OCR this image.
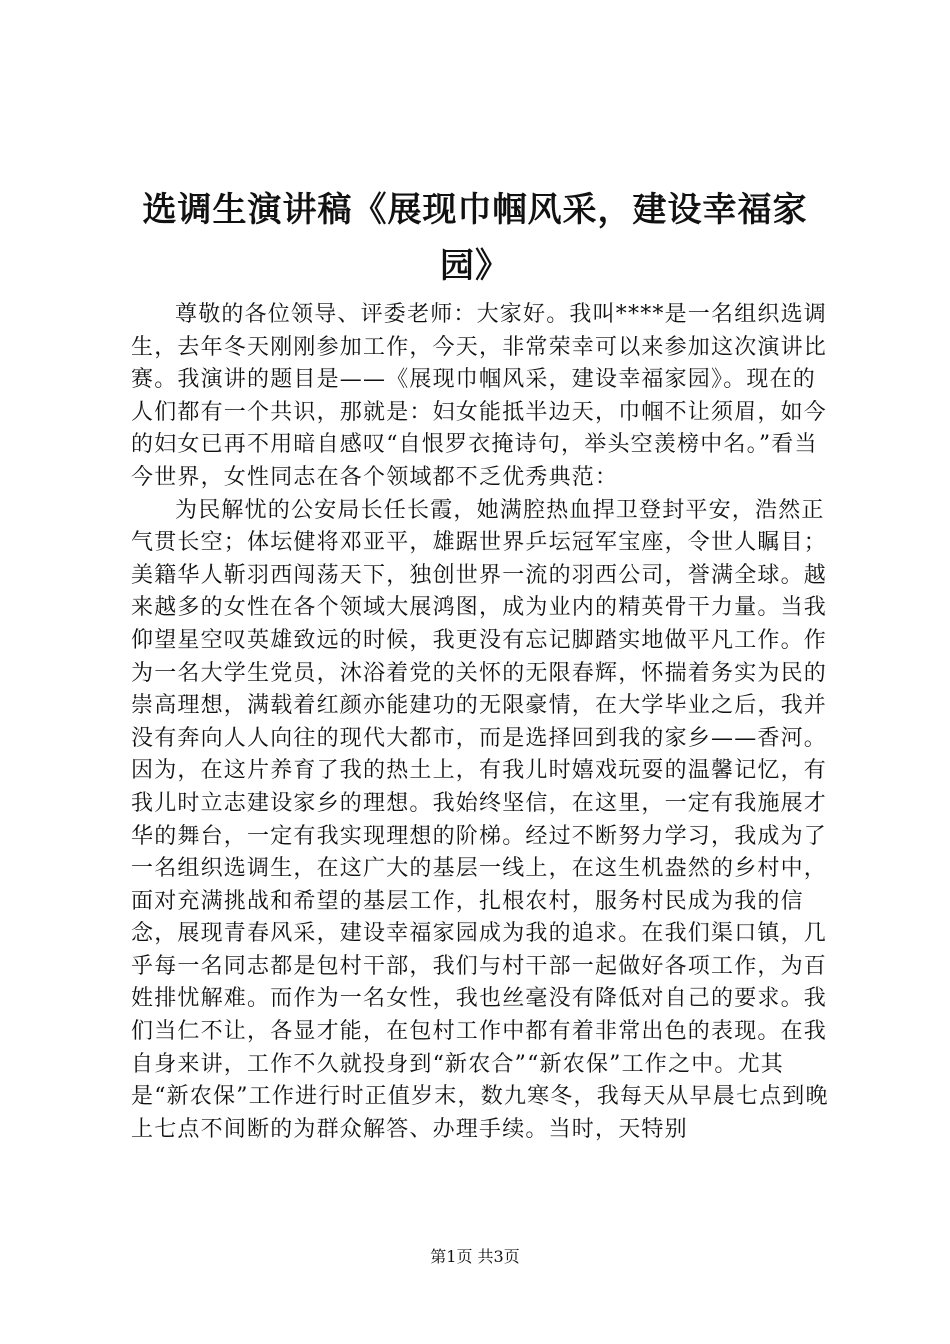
选调生演讲稿《展现巾帼风采，建设幸福家
园》

尊敬的各位领导、评委老师：大家好。我叫****是一名组织选调生，去年冬天刚刚参加工作，今天，非常荣幸可以来参加这次演讲比赛。我演讲的题目是——《展现巾帼风采，建设幸福家园》。现在的人们都有一个共识，那就是：妇女能抵半边天，巾帼不让须眉，如今的妇女已再不用暗自感叹“自恨罗衣掩诗句，举头空羡榜中名。”看当今世界，女性同志在各个领域都不乏优秀典范：

为民解忧的公安局长任长霞，她满腔热血捍卫登封平安，浩然正气贯长空；体坛健将邓亚平，雄踞世界乒坛冠军宝座，令世人瞩目；美籍华人靳羽西闯荡天下，独创世界一流的羽西公司，誉满全球。越来越多的女性在各个领域大展鸿图，成为业内的精英骨干力量。当我仰望星空叹英雄致远的时候，我更没有忘记脚踏实地做平凡工作。作为一名大学生党员，沐浴着党的关怀的无限春辉，怀揣着务实为民的崇高理想，满载着红颜亦能建功的无限豪情，在大学毕业之后，我并没有奔向人人向往的现代大都市，而是选择回到我的家乡——香河。因为，在这片养育了我的热土上，有我儿时嬉戏玩耍的温馨记忆，有我儿时立志建设家乡的理想。我始终坚信，在这里，一定有我施展才华的舞台，一定有我实现理想的阶梯。经过不断努力学习，我成为了一名组织选调生，在这广大的基层一线上，在这生机盎然的乡村中，面对充满挑战和希望的基层工作，扎根农村，服务村民成为我的信念，展现青春风采，建设幸福家园成为我的追求。在我们渠口镇，几乎每一名同志都是包村干部，我们与村干部一起做好各项工作，为百姓排忧解难。而作为一名女性，我也丝毫没有降低对自己的要求。我们当仁不让，各显才能，在包村工作中都有着非常出色的表现。在我自身来讲，工作不久就投身到“新农合”“新农保”工作之中。尤其是“新农保”工作进行时正值岁末，数九寒冬，我每天从早晨七点到晚上七点不间断的为群众解答、办理手续。当时，天特别

第1页 共3页
